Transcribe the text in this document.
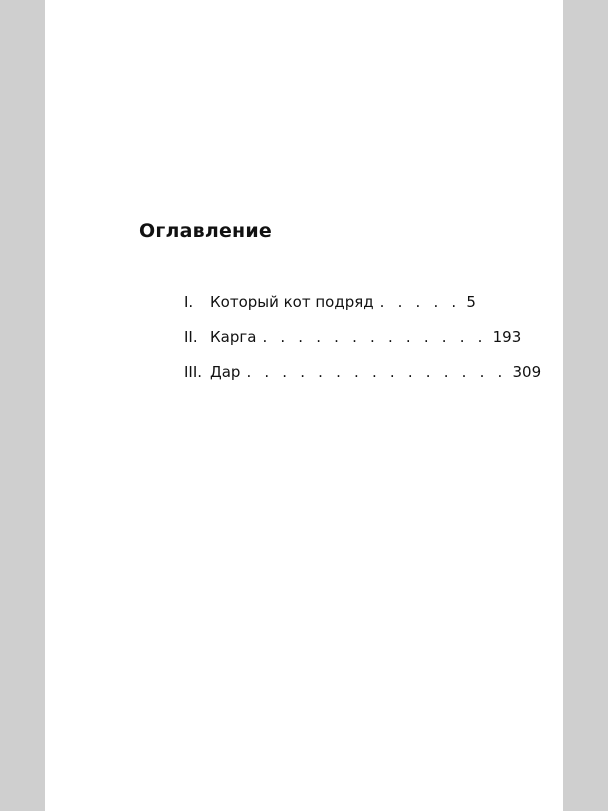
Оглавление
I.	Который кот подряд . . . . . 5
II. Карга . . . . . . . . . . . . . 193
III. Дар . . . . . . . . . . . . . . . 309
